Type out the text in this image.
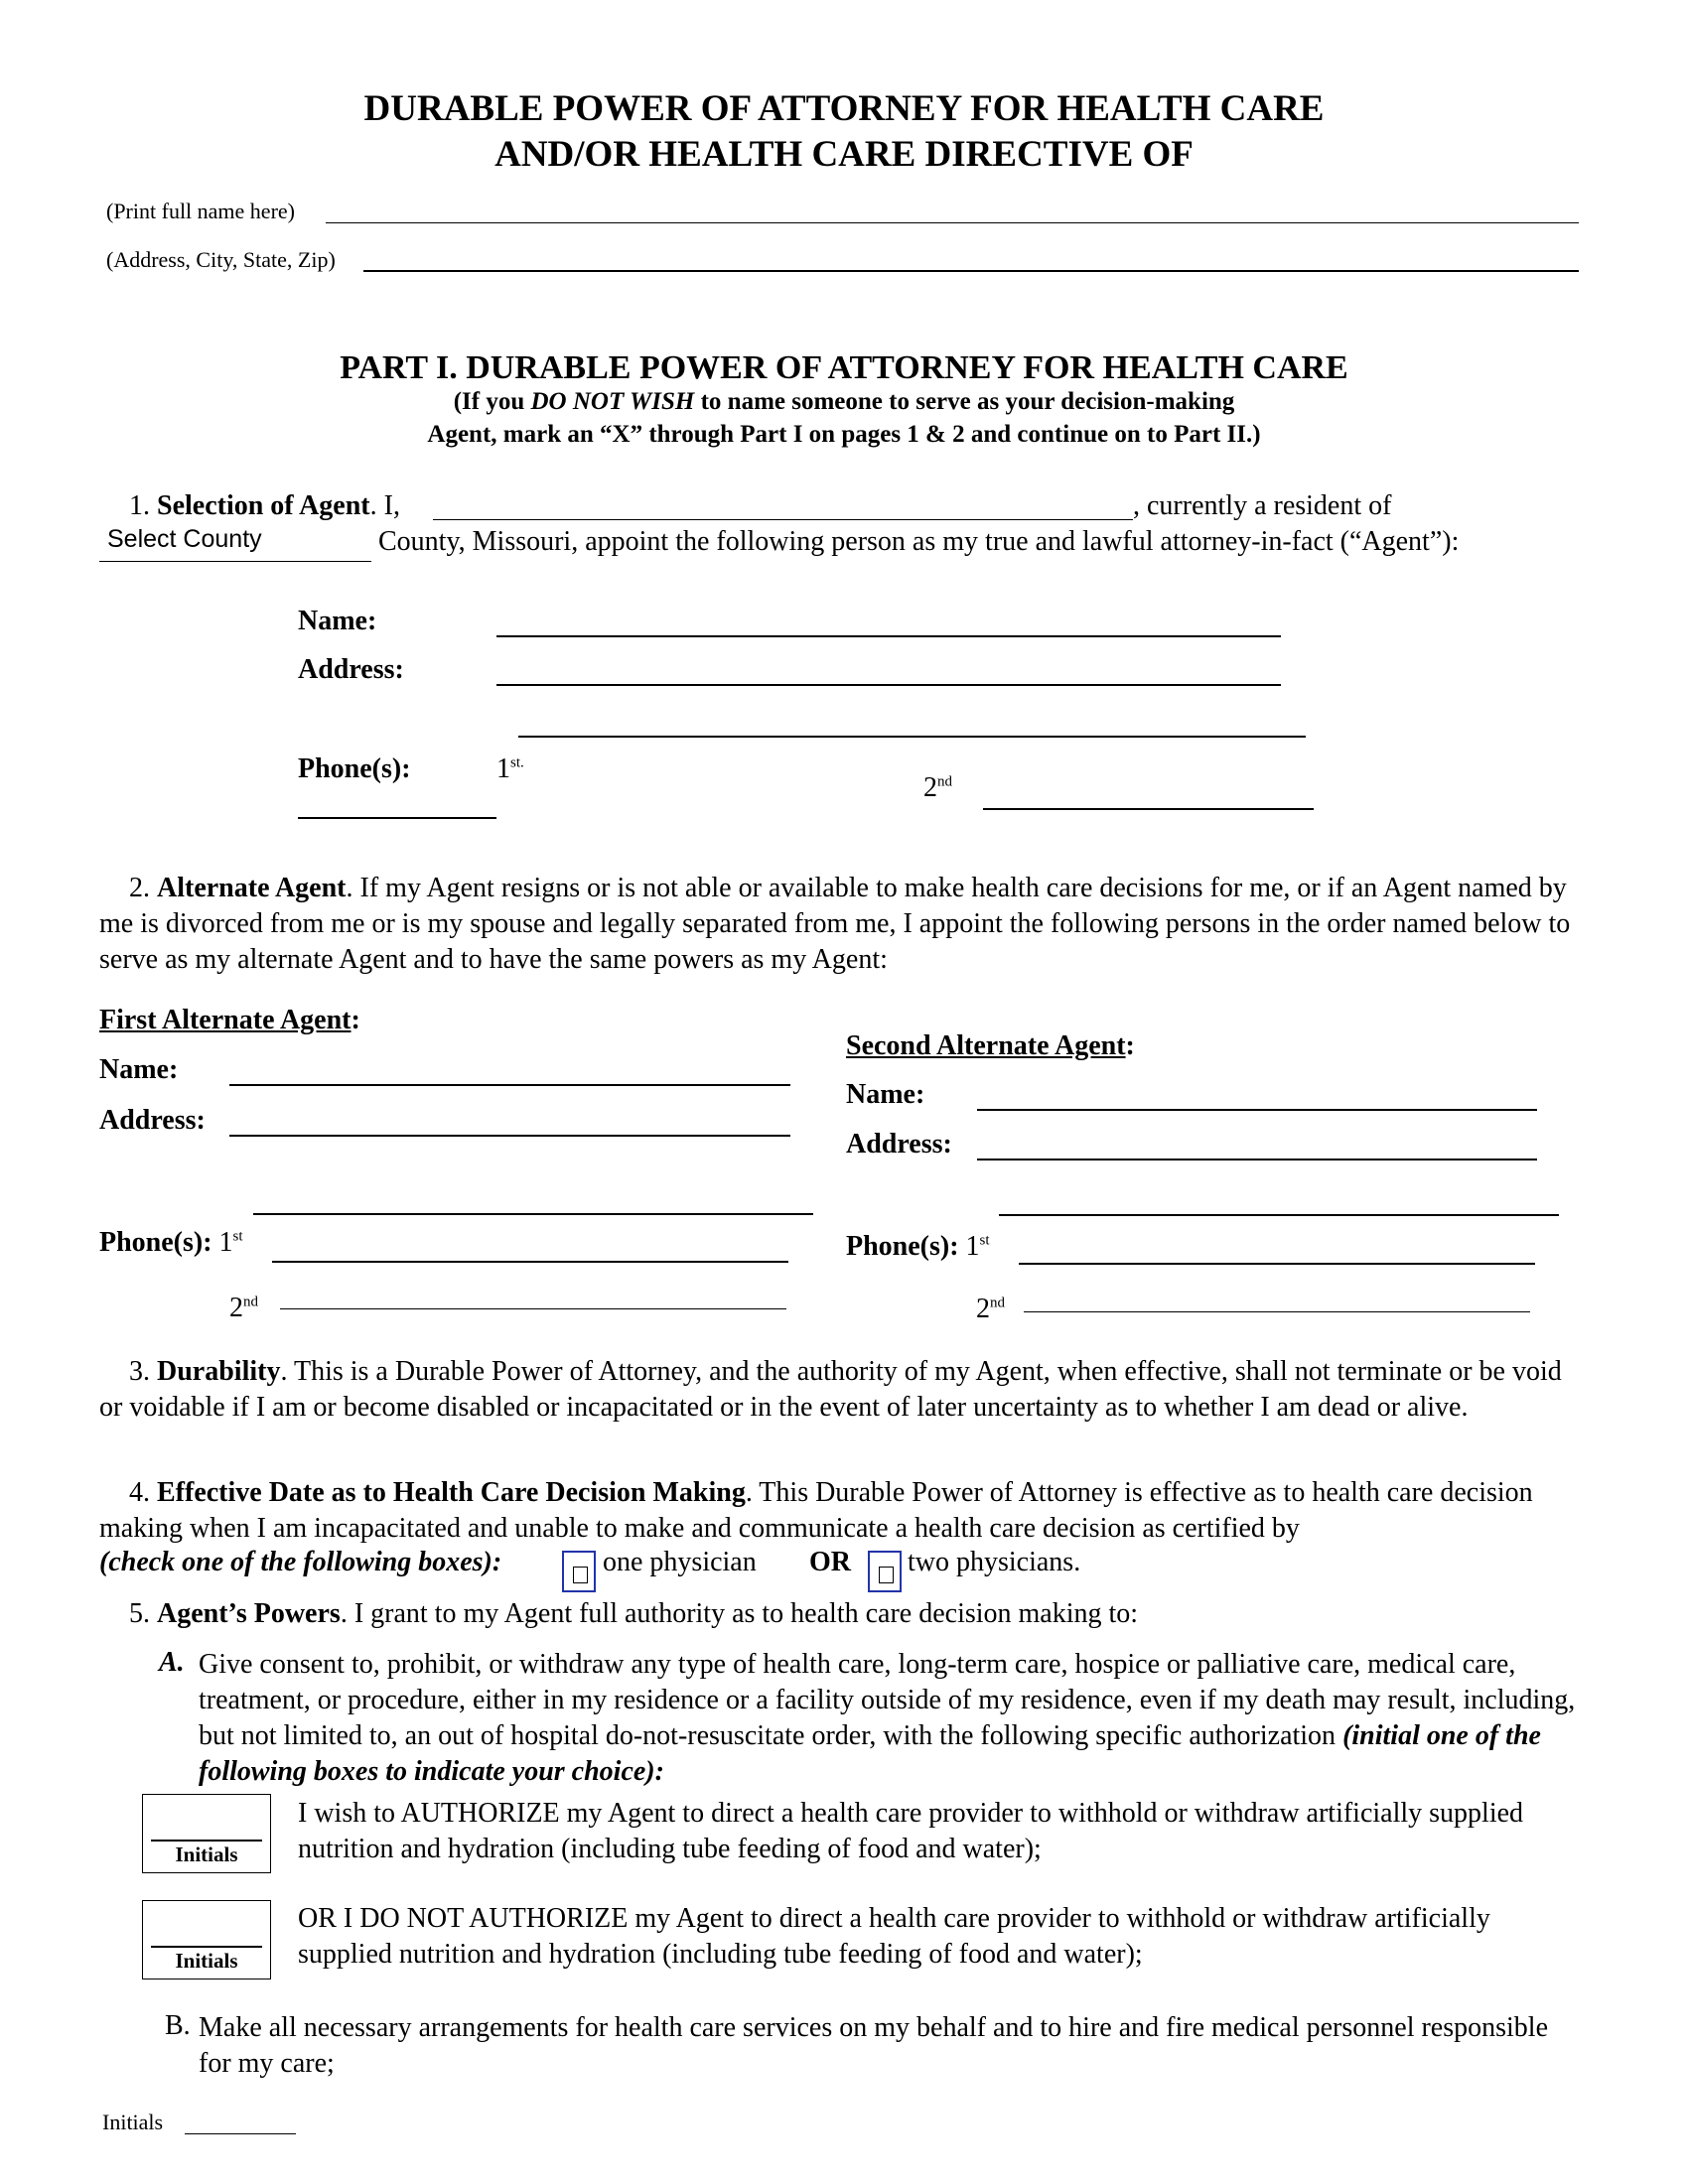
DURABLE POWER OF ATTORNEY FOR HEALTH CARE
AND/OR HEALTH CARE DIRECTIVE OF
(Print full name here)
(Address, City, State, Zip)
PART I. DURABLE POWER OF ATTORNEY FOR HEALTH CARE
(If you DO NOT WISH to name someone to serve as your decision-making
Agent, mark an “X” through Part I on pages 1 & 2 and continue on to Part II.)
1. Selection of Agent. I,	, currently a resident of
Select County	County, Missouri, appoint the following person as my true and lawful attorney-in-fact (“Agent”):
Name:
Address:
Phone(s):	$1^{st.}$
2nd
2. Alternate Agent. If my Agent resigns or is not able or available to make health care decisions for me, or if an Agent named by me is divorced from me or is my spouse and legally separated from me, I appoint the following persons in the order named below to serve as my alternate Agent and to have the same powers as my Agent:
First Alternate Agent:
Name:
Address:
Phone(s): 1st
2nd
Second Alternate Agent:
Name:
Address:
Phone(s): 1st
2nd
3. Durability. This is a Durable Power of Attorney, and the authority of my Agent, when effective, shall not terminate or be void or voidable if I am or become disabled or incapacitated or in the event of later uncertainty as to whether I am dead or alive.
4. Effective Date as to Health Care Decision Making. This Durable Power of Attorney is effective as to health care decision making when I am incapacitated and unable to make and communicate a health care decision as certified by
(check one of the following boxes):	one physician OR two physicians.
5. Agent’s Powers. I grant to my Agent full authority as to health care decision making to:
A. Give consent to, prohibit, or withdraw any type of health care, long-term care, hospice or palliative care, medical care, treatment, or procedure, either in my residence or a facility outside of my residence, even if my death may result, including, but not limited to, an out of hospital do-not-resuscitate order, with the following specific authorization (initial one of the following boxes to indicate your choice):
Initials
I wish to AUTHORIZE my Agent to direct a health care provider to withhold or withdraw artificially supplied nutrition and hydration (including tube feeding of food and water);
Initials
OR I DO NOT AUTHORIZE my Agent to direct a health care provider to withhold or withdraw artificially supplied nutrition and hydration (including tube feeding of food and water);
B. Make all necessary arrangements for health care services on my behalf and to hire and fire medical personnel responsible for my care;
Initials
